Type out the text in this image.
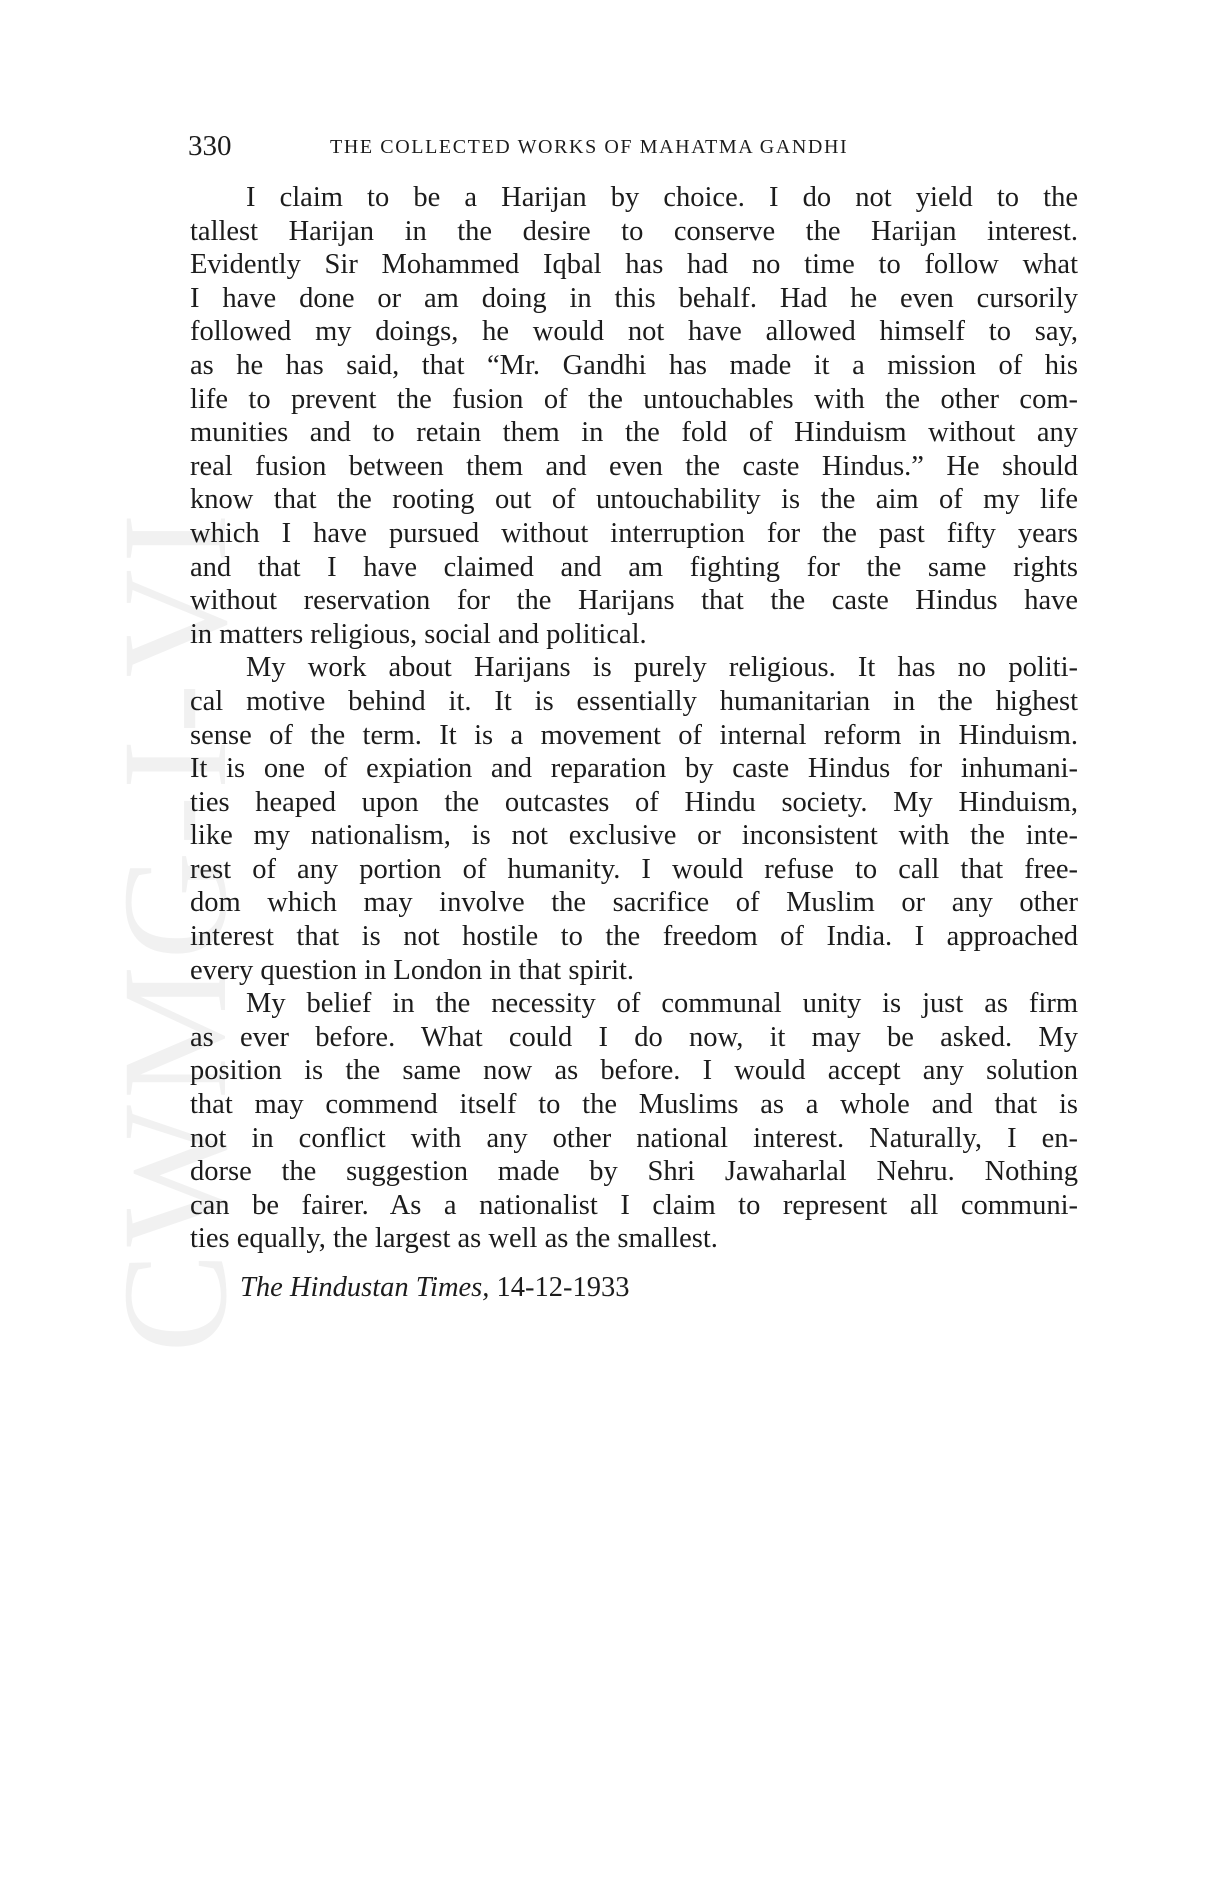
CWMG-I-VI
330	THE COLLECTED WORKS OF MAHATMA GANDHI
I claim to be a Harijan by choice. I do not yield to the
tallest Harijan in the desire to conserve the Harijan interest.
Evidently Sir Mohammed Iqbal has had no time to follow what
I have done or am doing in this behalf. Had he even cursorily
followed my doings, he would not have allowed himself to say,
as he has said, that “Mr. Gandhi has made it a mission of his
life to prevent the fusion of the untouchables with the other com-
munities and to retain them in the fold of Hinduism without any
real fusion between them and even the caste Hindus.” He should
know that the rooting out of untouchability is the aim of my life
which I have pursued without interruption for the past fifty years
and that I have claimed and am fighting for the same rights
without reservation for the Harijans that the caste Hindus have
in matters religious, social and political.
My work about Harijans is purely religious. It has no politi-
cal motive behind it. It is essentially humanitarian in the highest
sense of the term. It is a movement of internal reform in Hinduism.
It is one of expiation and reparation by caste Hindus for inhumani-
ties heaped upon the outcastes of Hindu society. My Hinduism,
like my nationalism, is not exclusive or inconsistent with the inte-
rest of any portion of humanity. I would refuse to call that free-
dom which may involve the sacrifice of Muslim or any other
interest that is not hostile to the freedom of India. I approached
every question in London in that spirit.
My belief in the necessity of communal unity is just as firm
as ever before. What could I do now, it may be asked. My
position is the same now as before. I would accept any solution
that may commend itself to the Muslims as a whole and that is
not in conflict with any other national interest. Naturally, I en-
dorse the suggestion made by Shri Jawaharlal Nehru. Nothing
can be fairer. As a nationalist I claim to represent all communi-
ties equally, the largest as well as the smallest.
The Hindustan Times, 14-12-1933
